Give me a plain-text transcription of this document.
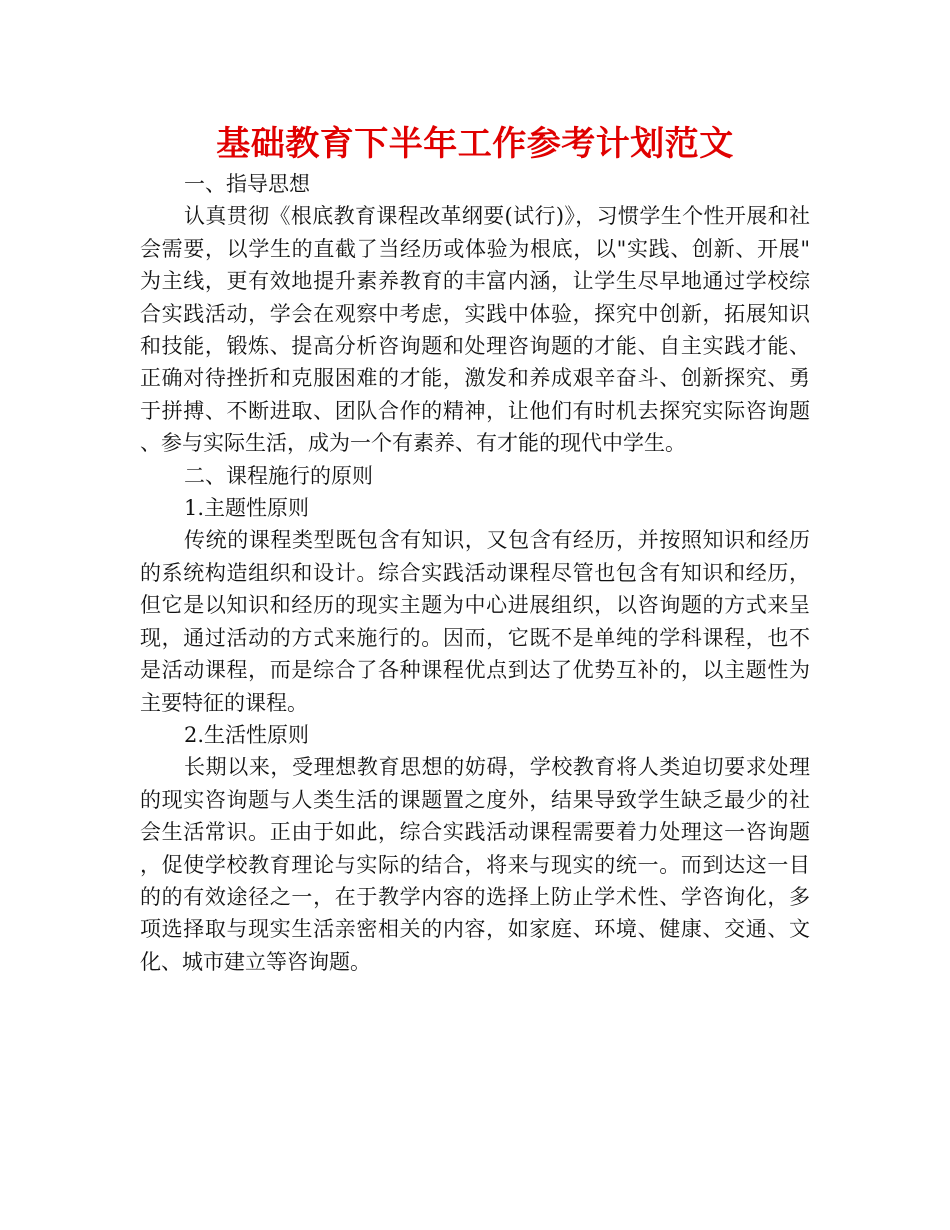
基础教育下半年工作参考计划范文

一、指导思想

认真贯彻《根底教育课程改革纲要(试行)》，习惯学生个性开展和社会需要，以学生的直截了当经历或体验为根底，以"实践、创新、开展"为主线，更有效地提升素养教育的丰富内涵，让学生尽早地通过学校综合实践活动，学会在观察中考虑，实践中体验，探究中创新，拓展知识和技能，锻炼、提高分析咨询题和处理咨询题的才能、自主实践才能、正确对待挫折和克服困难的才能，激发和养成艰辛奋斗、创新探究、勇于拼搏、不断进取、团队合作的精神，让他们有时机去探究实际咨询题、参与实际生活，成为一个有素养、有才能的现代中学生。

二、课程施行的原则

1.主题性原则

传统的课程类型既包含有知识，又包含有经历，并按照知识和经历的系统构造组织和设计。综合实践活动课程尽管也包含有知识和经历，但它是以知识和经历的现实主题为中心进展组织，以咨询题的方式来呈现，通过活动的方式来施行的。因而，它既不是单纯的学科课程，也不是活动课程，而是综合了各种课程优点到达了优势互补的，以主题性为主要特征的课程。

2.生活性原则

长期以来，受理想教育思想的妨碍，学校教育将人类迫切要求处理的现实咨询题与人类生活的课题置之度外，结果导致学生缺乏最少的社会生活常识。正由于如此，综合实践活动课程需要着力处理这一咨询题，促使学校教育理论与实际的结合，将来与现实的统一。而到达这一目的的有效途径之一，在于教学内容的选择上防止学术性、学咨询化，多项选择取与现实生活亲密相关的内容，如家庭、环境、健康、交通、文化、城市建立等咨询题。
